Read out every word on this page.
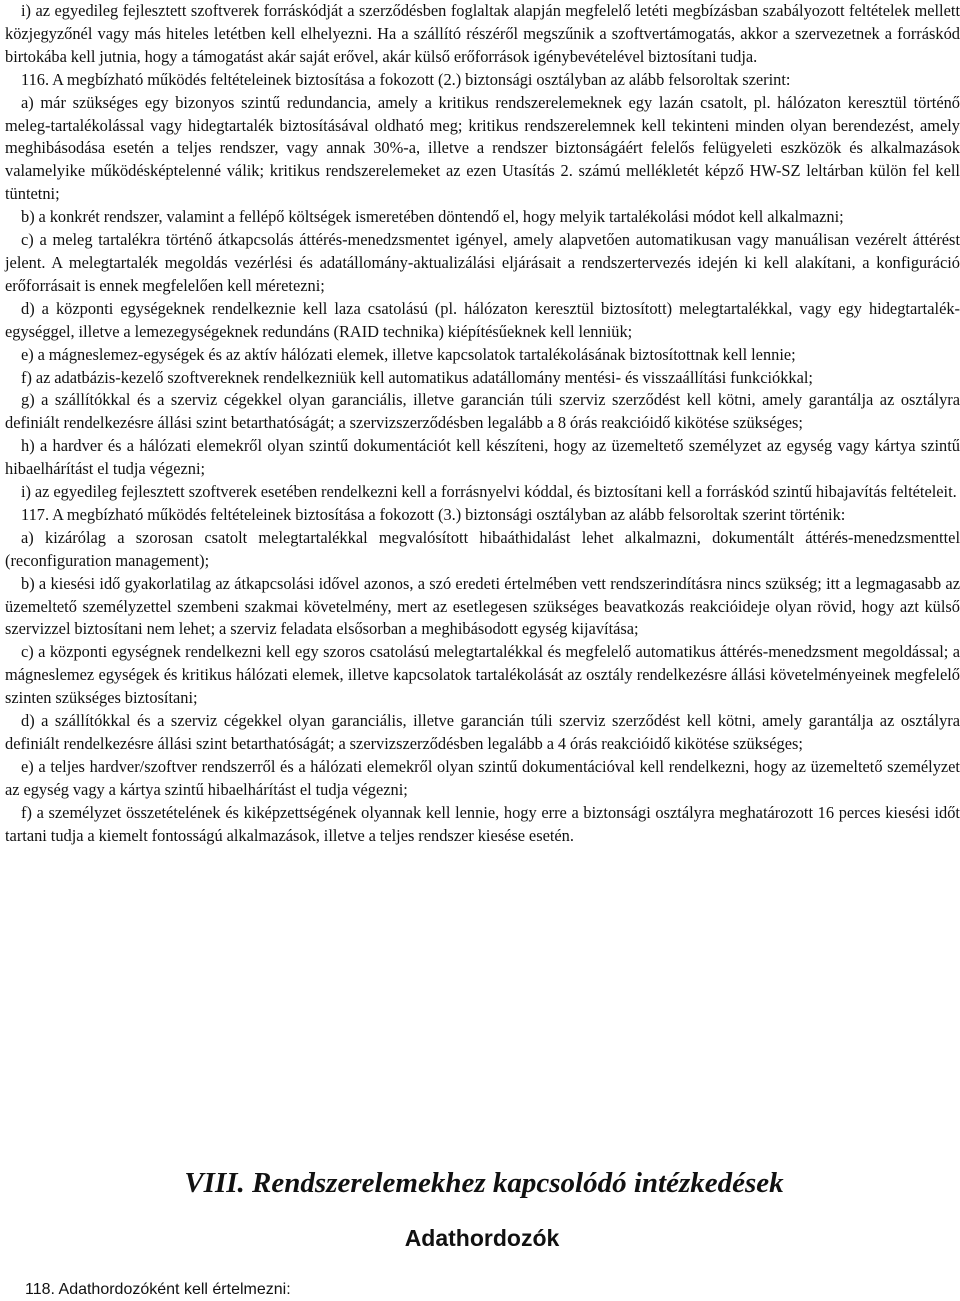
i) az egyedileg fejlesztett szoftverek forráskódját a szerződésben foglaltak alapján megfelelő letéti megbízásban szabályozott feltételek mellett közjegyzőnél vagy más hiteles letétben kell elhelyezni. Ha a szállító részéről megszűnik a szoftvertámogatás, akkor a szervezetnek a forráskód birtokába kell jutnia, hogy a támogatást akár saját erővel, akár külső erőforrások igénybevételével biztosítani tudja.

116. A megbízható működés feltételeinek biztosítása a fokozott (2.) biztonsági osztályban az alább felsoroltak szerint:

a) már szükséges egy bizonyos szintű redundancia, amely a kritikus rendszerelemeknek egy lazán csatolt, pl. hálózaton keresztül történő meleg-tartalékolással vagy hidegtartalék biztosításával oldható meg; kritikus rendszerelemnek kell tekinteni minden olyan berendezést, amely meghibásodása esetén a teljes rendszer, vagy annak 30%-a, illetve a rendszer biztonságáért felelős felügyeleti eszközök és alkalmazások valamelyike működésképtelenné válik; kritikus rendszerelemeket az ezen Utasítás 2. számú mellékletét képző HW-SZ leltárban külön fel kell tüntetni;

b) a konkrét rendszer, valamint a fellépő költségek ismeretében döntendő el, hogy melyik tartalékolási módot kell alkalmazni;

c) a meleg tartalékra történő átkapcsolás áttérés-menedzsmentet igényel, amely alapvetően automatikusan vagy manuálisan vezérelt áttérést jelent. A melegtartalék megoldás vezérlési és adatállomány-aktualizálási eljárásait a rendszertervezés idején ki kell alakítani, a konfiguráció erőforrásait is ennek megfelelően kell méretezni;

d) a központi egységeknek rendelkeznie kell laza csatolású (pl. hálózaton keresztül biztosított) melegtartalékkal, vagy egy hidegtartalék-egységgel, illetve a lemezegységeknek redundáns (RAID technika) kiépítésűeknek kell lenniük;

e) a mágneslemez-egységek és az aktív hálózati elemek, illetve kapcsolatok tartalékolásának biztosítottnak kell lennie;

f) az adatbázis-kezelő szoftvereknek rendelkezniük kell automatikus adatállomány mentési- és visszaállítási funkciókkal;

g) a szállítókkal és a szerviz cégekkel olyan garanciális, illetve garancián túli szerviz szerződést kell kötni, amely garantálja az osztályra definiált rendelkezésre állási szint betarthatóságát; a szervizszerződésben legalább a 8 órás reakcióidő kikötése szükséges;

h) a hardver és a hálózati elemekről olyan szintű dokumentációt kell készíteni, hogy az üzemeltető személyzet az egység vagy kártya szintű hibaelhárítást el tudja végezni;

i) az egyedileg fejlesztett szoftverek esetében rendelkezni kell a forrásnyelvi kóddal, és biztosítani kell a forráskód szintű hibajavítás feltételeit.

117. A megbízható működés feltételeinek biztosítása a fokozott (3.) biztonsági osztályban az alább felsoroltak szerint történik:

a) kizárólag a szorosan csatolt melegtartalékkal megvalósított hibaáthidalást lehet alkalmazni, dokumentált áttérés-menedzsmenttel (reconfiguration management);

b) a kiesési idő gyakorlatilag az átkapcsolási idővel azonos, a szó eredeti értelmében vett rendszerindításra nincs szükség; itt a legmagasabb az üzemeltető személyzettel szembeni szakmai követelmény, mert az esetlegesen szükséges beavatkozás reakcióideje olyan rövid, hogy azt külső szervizzel biztosítani nem lehet; a szerviz feladata elsősorban a meghibásodott egység kijavítása;

c) a központi egységnek rendelkezni kell egy szoros csatolású melegtartalékkal és megfelelő automatikus áttérés-menedzsment megoldással; a mágneslemez egységek és kritikus hálózati elemek, illetve kapcsolatok tartalékolását az osztály rendelkezésre állási követelményeinek megfelelő szinten szükséges biztosítani;

d) a szállítókkal és a szerviz cégekkel olyan garanciális, illetve garancián túli szerviz szerződést kell kötni, amely garantálja az osztályra definiált rendelkezésre állási szint betarthatóságát; a szervizszerződésben legalább a 4 órás reakcióidő kikötése szükséges;

e) a teljes hardver/szoftver rendszerről és a hálózati elemekről olyan szintű dokumentációval kell rendelkezni, hogy az üzemeltető személyzet az egység vagy a kártya szintű hibaelhárítást el tudja végezni;

f) a személyzet összetételének és kiképzettségének olyannak kell lennie, hogy erre a biztonsági osztályra meghatározott 16 perces kiesési időt tartani tudja a kiemelt fontosságú alkalmazások, illetve a teljes rendszer kiesése esetén.

VIII. Rendszerelemekhez kapcsolódó intézkedések
Adathordozók

118. Adathordozóként kell értelmezni:
